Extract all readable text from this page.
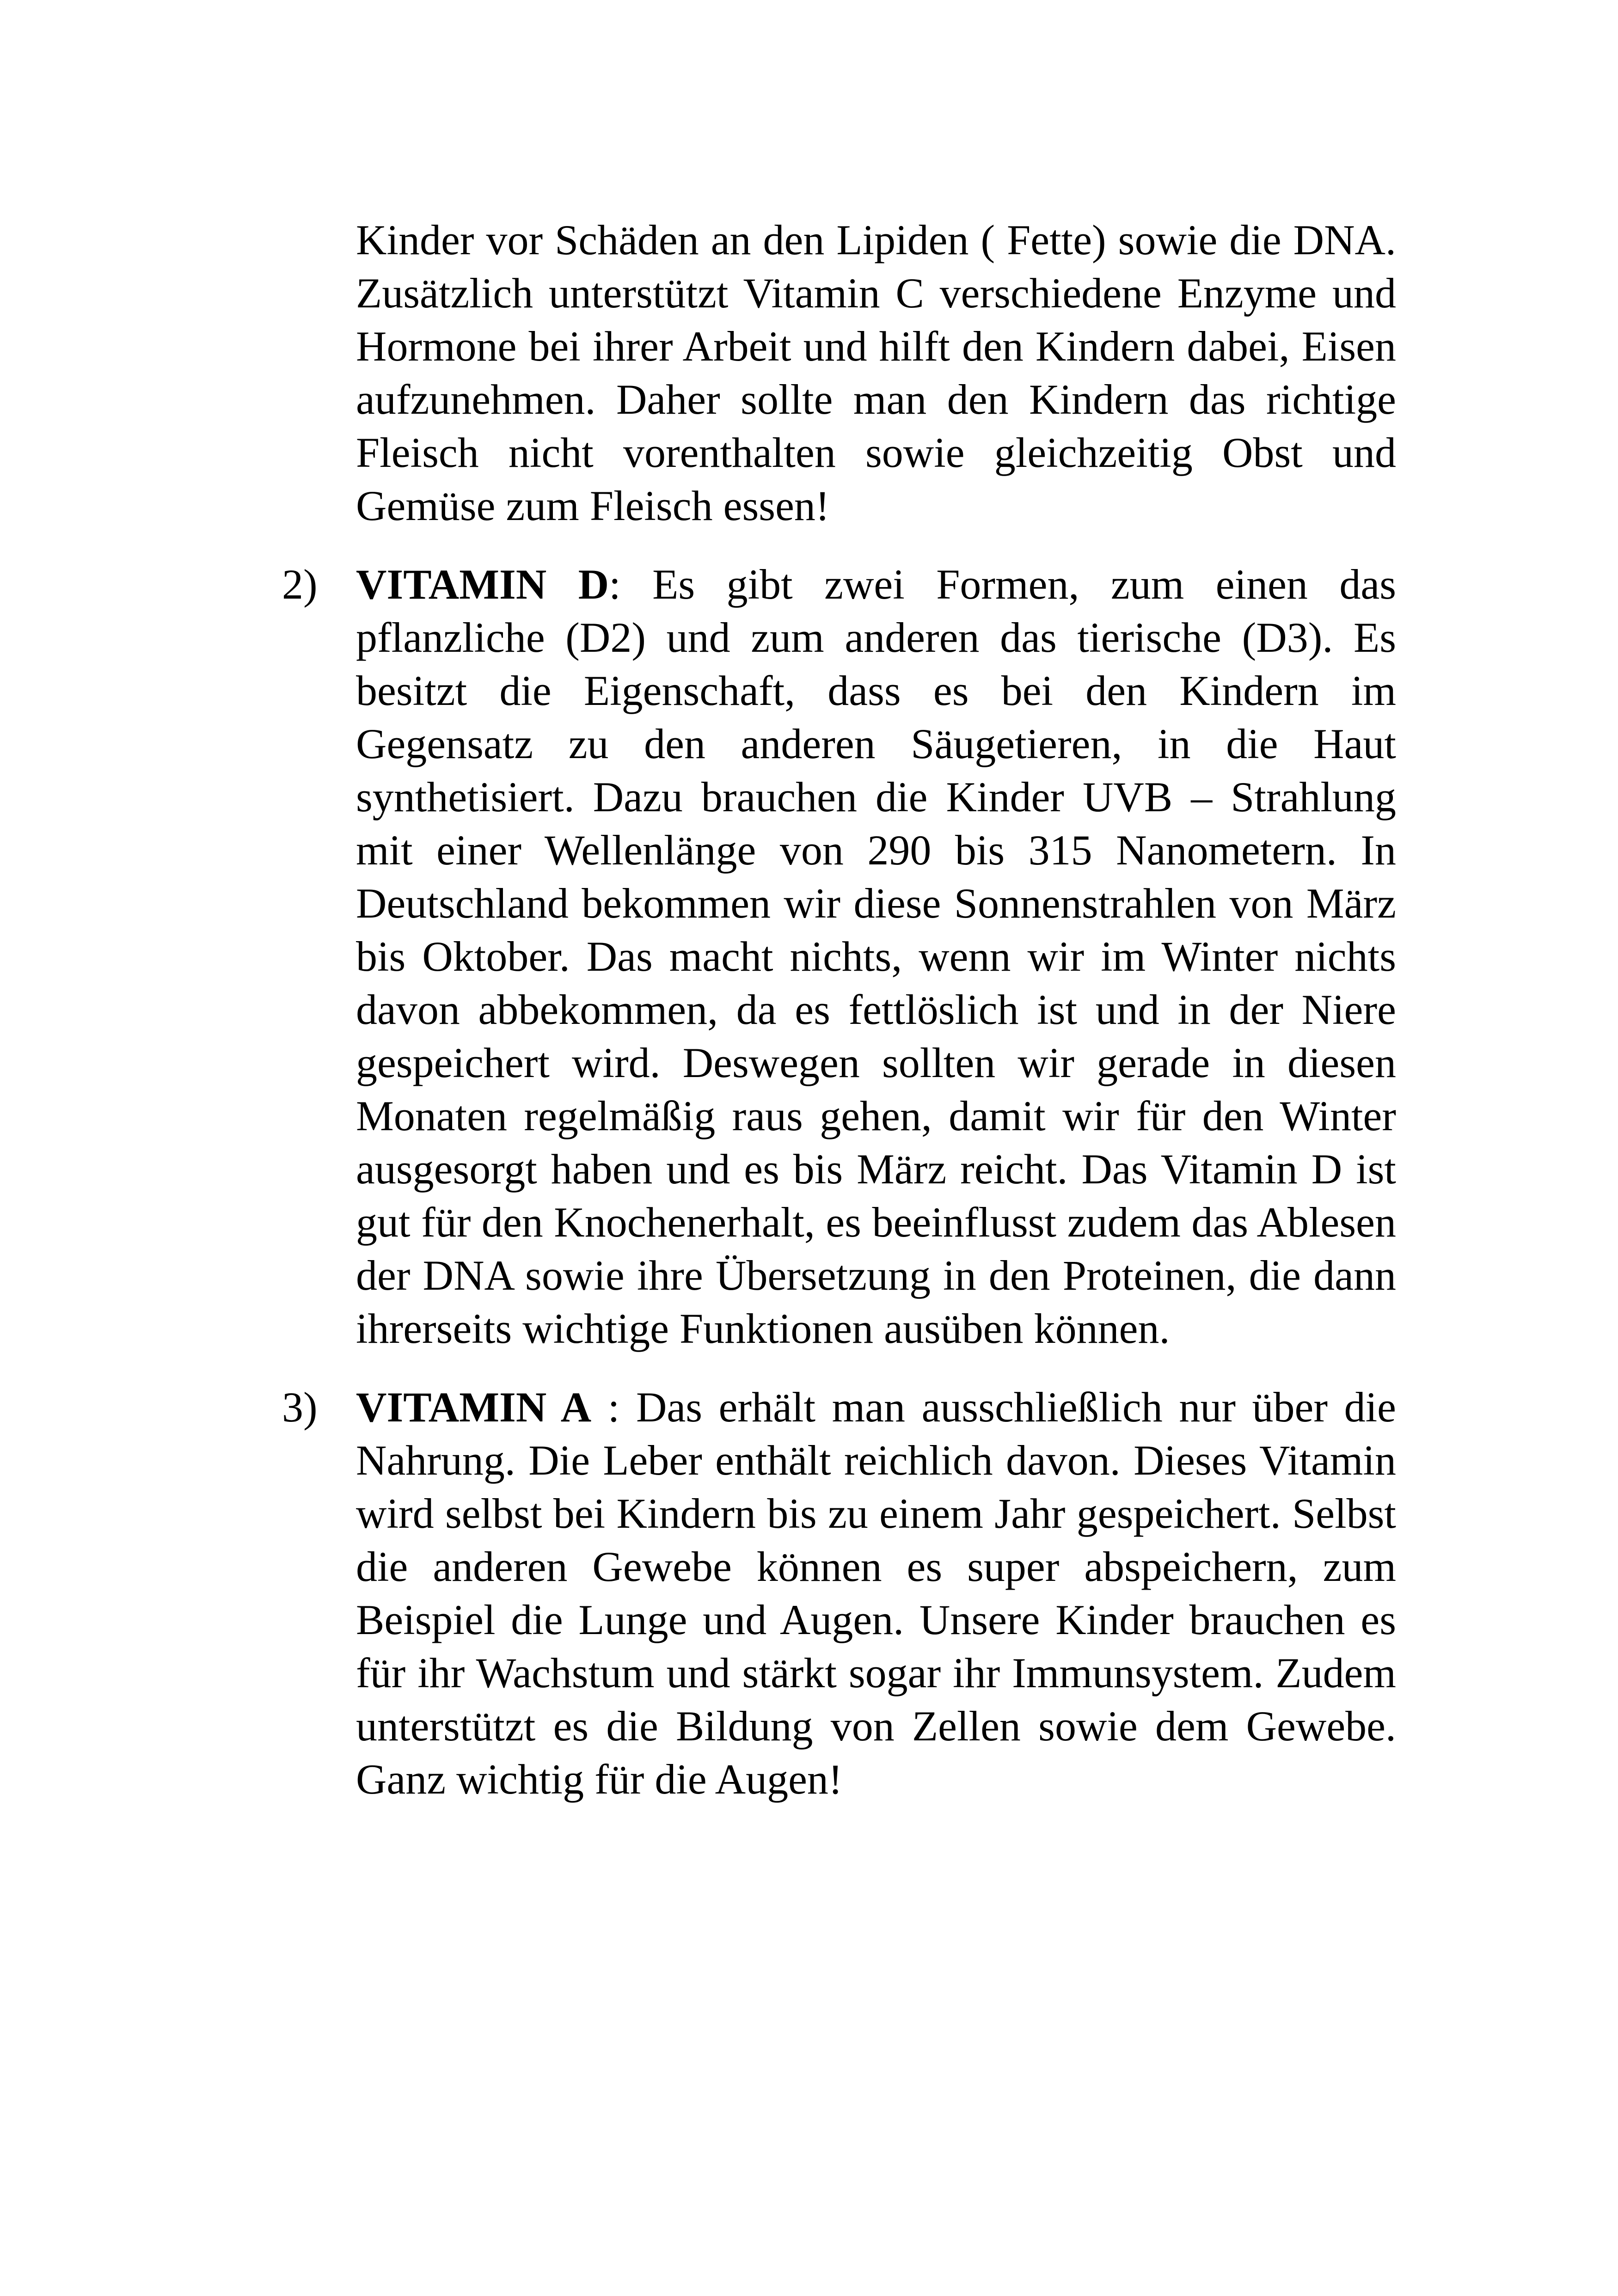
Kinder vor Schäden an den Lipiden ( Fette) sowie die DNA. Zusätzlich unterstützt Vitamin C verschiedene Enzyme und Hormone bei ihrer Arbeit und hilft den Kindern dabei, Eisen aufzunehmen. Daher sollte man den Kindern das richtige Fleisch nicht vorenthalten sowie gleichzeitig Obst und Gemüse zum Fleisch essen!

2) VITAMIN D: Es gibt zwei Formen, zum einen das pflanzliche (D2) und zum anderen das tierische (D3). Es besitzt die Eigenschaft, dass es bei den Kindern im Gegensatz zu den anderen Säugetieren, in die Haut synthetisiert. Dazu brauchen die Kinder UVB – Strahlung mit einer Wellenlänge von 290 bis 315 Nanometern. In Deutschland bekommen wir diese Sonnenstrahlen von März bis Oktober. Das macht nichts, wenn wir im Winter nichts davon abbekommen, da es fettlöslich ist und in der Niere gespeichert wird. Deswegen sollten wir gerade in diesen Monaten regelmäßig raus gehen, damit wir für den Winter ausgesorgt haben und es bis März reicht. Das Vitamin D ist gut für den Knochenerhalt, es beeinflusst zudem das Ablesen der DNA sowie ihre Übersetzung in den Proteinen, die dann ihrerseits wichtige Funktionen ausüben können.

3) VITAMIN A : Das erhält man ausschließlich nur über die Nahrung. Die Leber enthält reichlich davon. Dieses Vitamin wird selbst bei Kindern bis zu einem Jahr gespeichert. Selbst die anderen Gewebe können es super abspeichern, zum Beispiel die Lunge und Augen. Unsere Kinder brauchen es für ihr Wachstum und stärkt sogar ihr Immunsystem. Zudem unterstützt es die Bildung von Zellen sowie dem Gewebe. Ganz wichtig für die Augen!
